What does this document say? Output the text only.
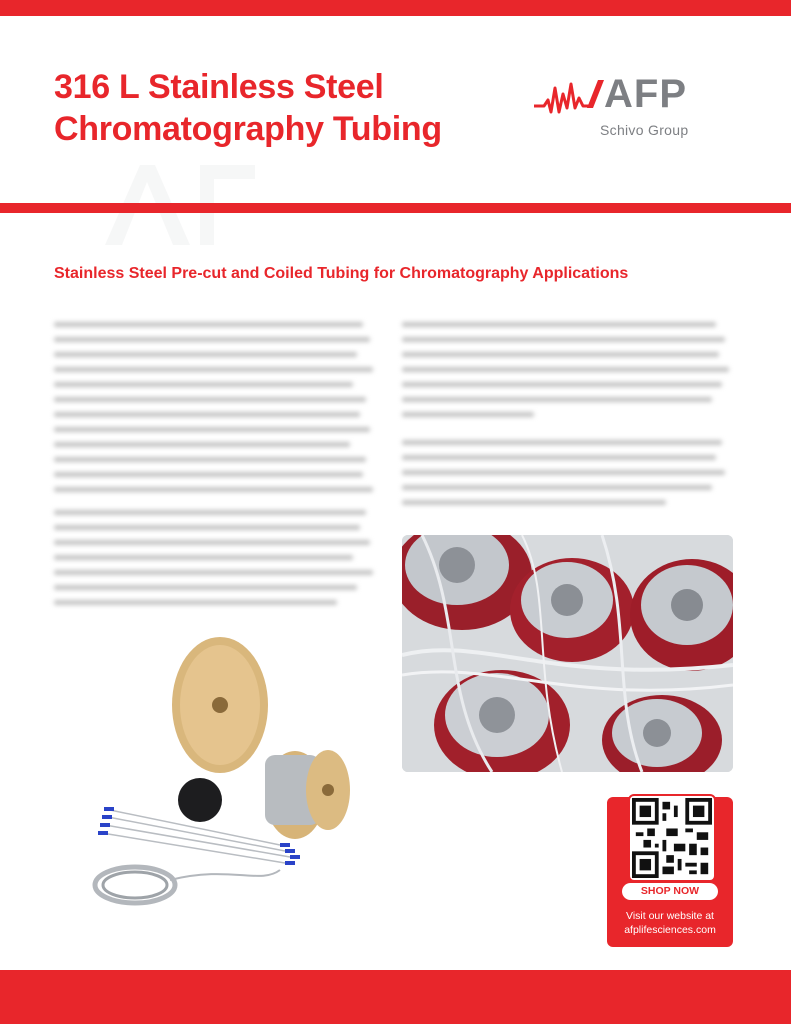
316 L Stainless Steel
Chromatography Tubing
AFP
Schivo Group
Stainless Steel Pre-cut and Coiled Tubing for Chromatography Applications
SHOP NOW
Visit our website at
afplifesciences.com
